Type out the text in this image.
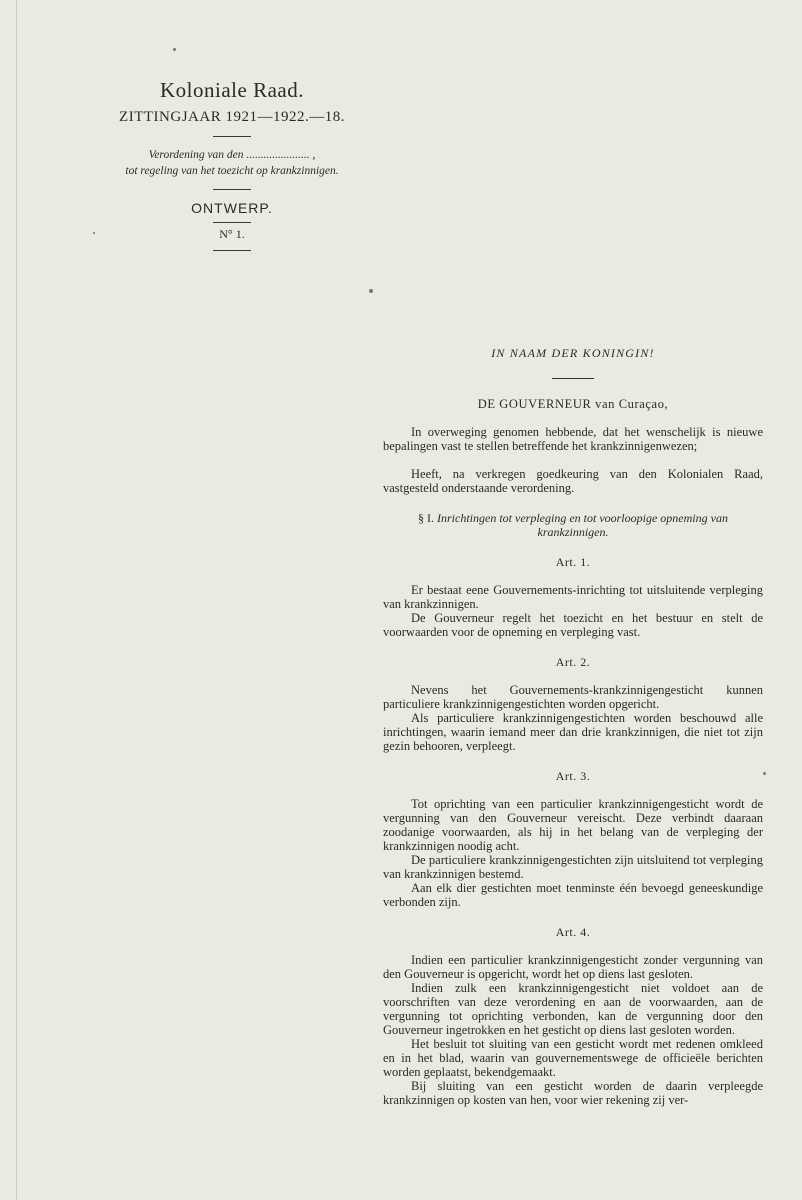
Koloniale Raad.
ZITTINGJAAR 1921—1922.—18.
Verordening van den ...................... ,
tot regeling van het toezicht op krankzinnigen.
ONTWERP.
N° 1.
IN NAAM DER KONINGIN!
DE GOUVERNEUR van Curaçao,

In overweging genomen hebbende, dat het wenschelijk is nieuwe bepalingen vast te stellen betreffende het krankzinnigenwezen;

Heeft, na verkregen goedkeuring van den Kolonialen Raad, vastgesteld onderstaande verordening.

§ I. Inrichtingen tot verpleging en tot voorloopige opneming van krankzinnigen.
Art. 1.

Er bestaat eene Gouvernements-inrichting tot uitsluitende verpleging van krankzinnigen.

De Gouverneur regelt het toezicht en het bestuur en stelt de voorwaarden voor de opneming en verpleging vast.

Art. 2.

Nevens het Gouvernements-krankzinnigengesticht kunnen particuliere krankzinnigengestichten worden opgericht.

Als particuliere krankzinnigengestichten worden beschouwd alle inrichtingen, waarin iemand meer dan drie krankzinnigen, die niet tot zijn gezin behooren, verpleegt.

Art. 3.

Tot oprichting van een particulier krankzinnigengesticht wordt de vergunning van den Gouverneur vereischt. Deze verbindt daaraan zoodanige voorwaarden, als hij in het belang van de verpleging der krankzinnigen noodig acht.

De particuliere krankzinnigengestichten zijn uitsluitend tot verpleging van krankzinnigen bestemd.

Aan elk dier gestichten moet tenminste één bevoegd geneeskundige verbonden zijn.

Art. 4.

Indien een particulier krankzinnigengesticht zonder vergunning van den Gouverneur is opgericht, wordt het op diens last gesloten.

Indien zulk een krankzinnigengesticht niet voldoet aan de voorschriften van deze verordening en aan de voorwaarden, aan de vergunning tot oprichting verbonden, kan de vergunning door den Gouverneur ingetrokken en het gesticht op diens last gesloten worden.

Het besluit tot sluiting van een gesticht wordt met redenen omkleed en in het blad, waarin van gouvernementswege de officieële berichten worden geplaatst, bekendgemaakt.

Bij sluiting van een gesticht worden de daarin verpleegde krankzinnigen op kosten van hen, voor wier rekening zij ver-
